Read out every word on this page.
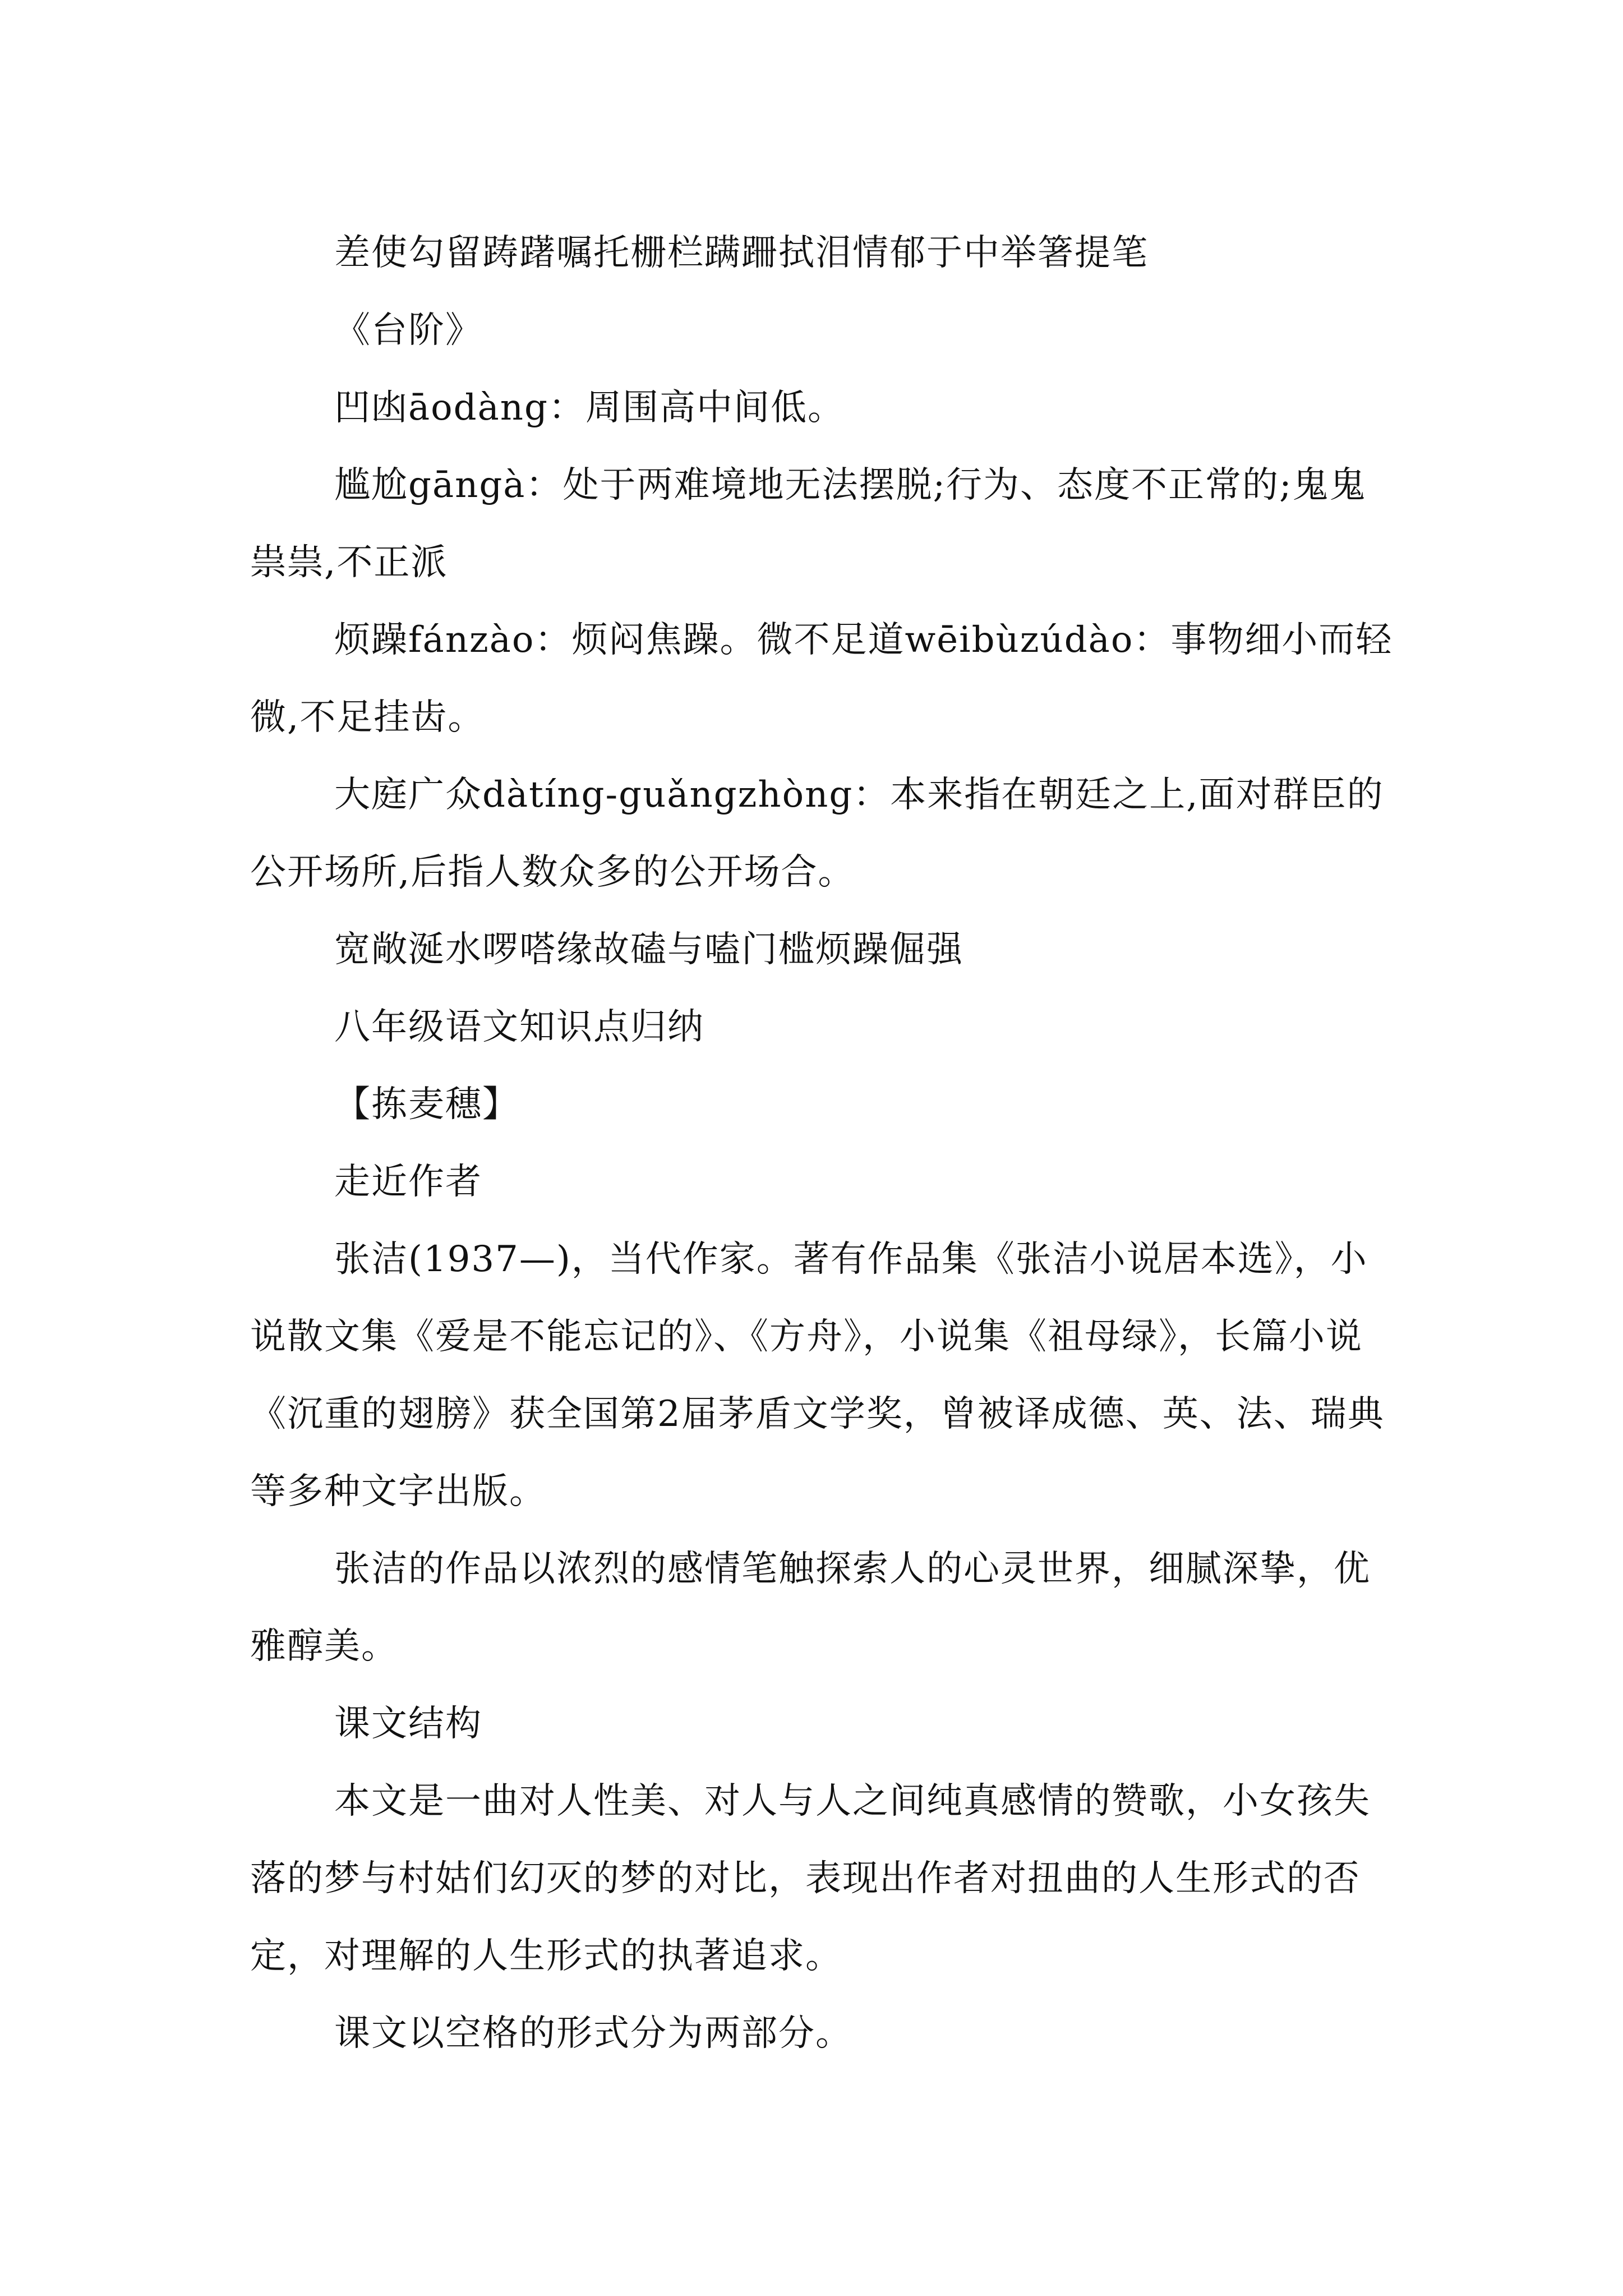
差使勾留踌躇嘱托栅栏蹒跚拭泪情郁于中举箸提笔

《台阶》

凹凼āodàng：周围高中间低。

尴尬gāngà：处于两难境地无法摆脱;行为、态度不正常的;鬼鬼祟祟,不正派

烦躁fánzào：烦闷焦躁。微不足道wēibùzúdào：事物细小而轻微,不足挂齿。

大庭广众dàtíng-guǎngzhòng：本来指在朝廷之上,面对群臣的公开场所,后指人数众多的公开场合。

宽敞涎水啰嗒缘故磕与嗑门槛烦躁倔强

八年级语文知识点归纳

【拣麦穗】

走近作者

张洁(1937—)，当代作家。著有作品集《张洁小说居本选》，小说散文集《爱是不能忘记的》、《方舟》，小说集《祖母绿》，长篇小说《沉重的翅膀》获全国第2届茅盾文学奖，曾被译成德、英、法、瑞典等多种文字出版。

张洁的作品以浓烈的感情笔触探索人的心灵世界，细腻深挚，优雅醇美。

课文结构

本文是一曲对人性美、对人与人之间纯真感情的赞歌，小女孩失落的梦与村姑们幻灭的梦的对比，表现出作者对扭曲的人生形式的否定，对理解的人生形式的执著追求。

课文以空格的形式分为两部分。
